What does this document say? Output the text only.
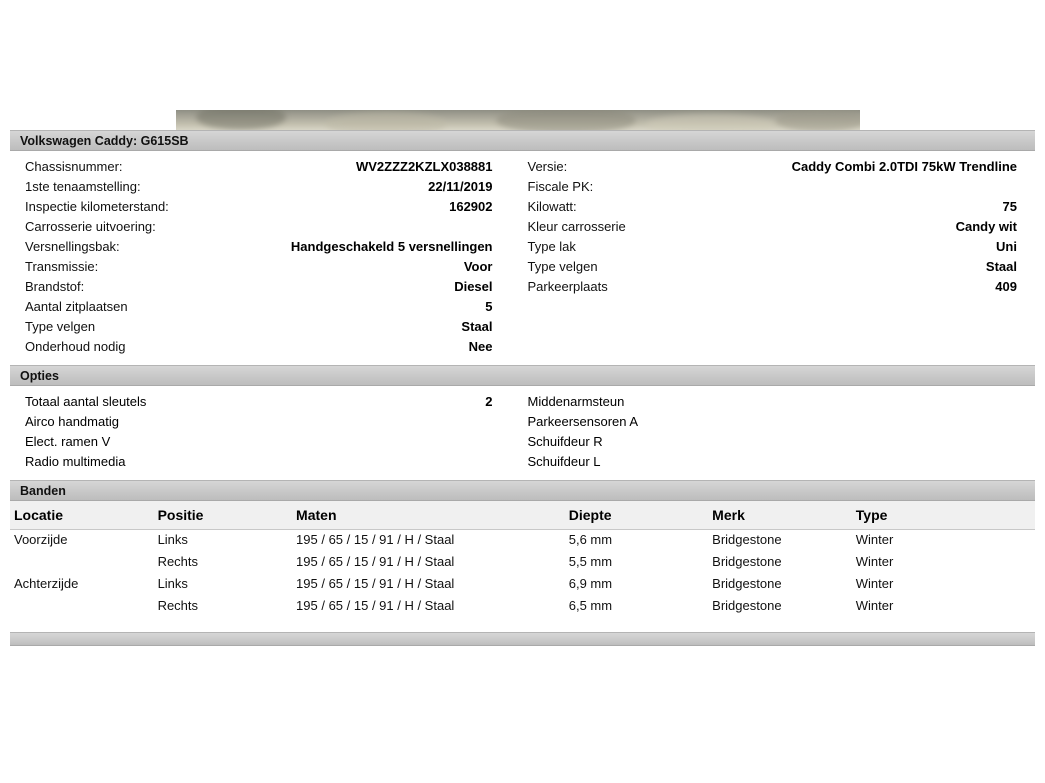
Volkswagen Caddy: G615SB
Chassisnummer:	WV2ZZZ2KZLX038881
1ste tenaamstelling:	22/11/2019
Inspectie kilometerstand:	162902
Carrosserie uitvoering:
Versnellingsbak:	Handgeschakeld 5 versnellingen
Transmissie:	Voor
Brandstof:	Diesel
Aantal zitplaatsen	5
Type velgen	Staal
Onderhoud nodig	Nee
Versie:	Caddy Combi 2.0TDI 75kW Trendline
Fiscale PK:
Kilowatt:	75
Kleur carrosserie	Candy wit
Type lak	Uni
Type velgen	Staal
Parkeerplaats	409
Opties
Totaal aantal sleutels	2
Airco handmatig
Elect. ramen V
Radio multimedia
Middenarmsteun
Parkeersensoren A
Schuifdeur R
Schuifdeur L
Banden
Locatie	Positie	Maten	Diepte	Merk	Type
Voorzijde	Links	195 / 65 / 15 / 91 / H / Staal	5,6 mm	Bridgestone	Winter
	Rechts	195 / 65 / 15 / 91 / H / Staal	5,5 mm	Bridgestone	Winter
Achterzijde	Links	195 / 65 / 15 / 91 / H / Staal	6,9 mm	Bridgestone	Winter
	Rechts	195 / 65 / 15 / 91 / H / Staal	6,5 mm	Bridgestone	Winter
